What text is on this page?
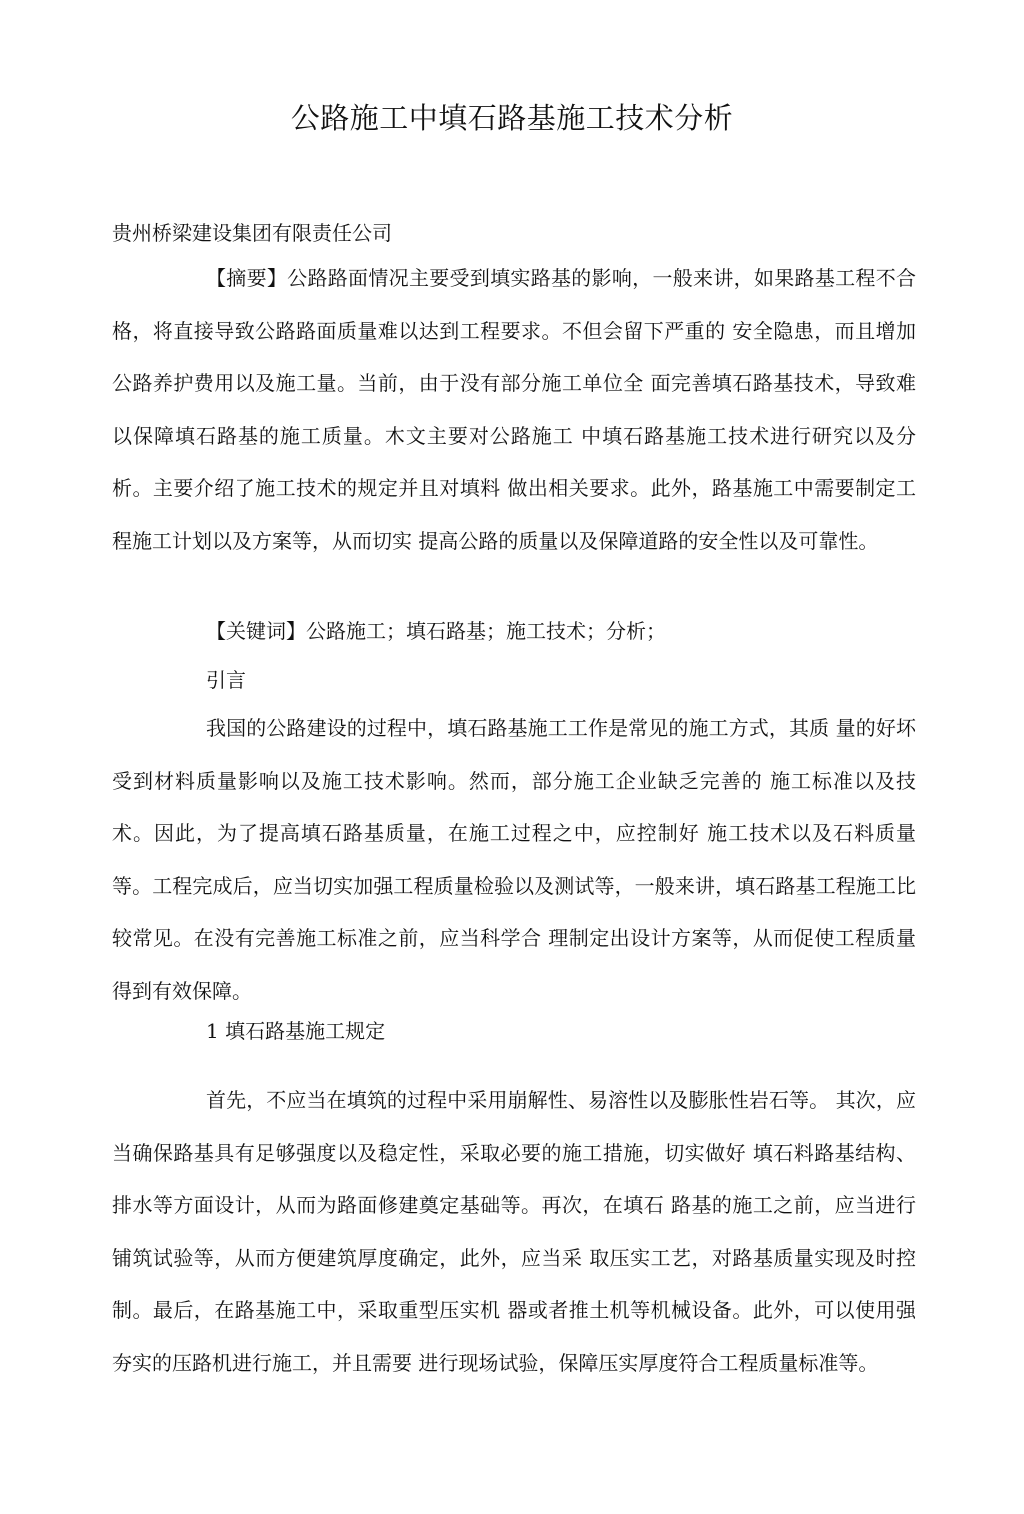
公路施工中填石路基施工技术分析
贵州桥梁建设集团有限责任公司

【摘要】公路路面情况主要受到填实路基的影响，一般来讲，如果路基工程不合格，将直接导致公路路面质量难以达到工程要求。不但会留下严重的 安全隐患，而且增加公路养护费用以及施工量。当前，由于没有部分施工单位全 面完善填石路基技术，导致难以保障填石路基的施工质量。木文主要对公路施工 中填石路基施工技术进行研究以及分析。主要介绍了施工技术的规定并且对填料 做出相关要求。此外，路基施工中需要制定工程施工计划以及方案等，从而切实 提高公路的质量以及保障道路的安全性以及可靠性。

【关键词】公路施工；填石路基；施工技术；分析；
引言

我国的公路建设的过程中，填石路基施工工作是常见的施工方式，其质 量的好坏受到材料质量影响以及施工技术影响。然而，部分施工企业缺乏完善的 施工标准以及技术。因此，为了提高填石路基质量，在施工过程之中，应控制好 施工技术以及石料质量等。工程完成后，应当切实加强工程质量检验以及测试等，一般来讲，填石路基工程施工比较常见。在没有完善施工标准之前，应当科学合 理制定出设计方案等，从而促使工程质量得到有效保障。

1 填石路基施工规定

首先，不应当在填筑的过程中采用崩解性、易溶性以及膨胀性岩石等。 其次，应当确保路基具有足够强度以及稳定性，采取必要的施工措施，切实做好 填石料路基结构、排水等方面设计，从而为路面修建奠定基础等。再次，在填石 路基的施工之前，应当进行铺筑试验等，从而方便建筑厚度确定，此外，应当采 取压实工艺，对路基质量实现及时控制。最后，在路基施工中，采取重型压实机 器或者推土机等机械设备。此外，可以使用强夯实的压路机进行施工，并且需要 进行现场试验，保障压实厚度符合工程质量标准等。
